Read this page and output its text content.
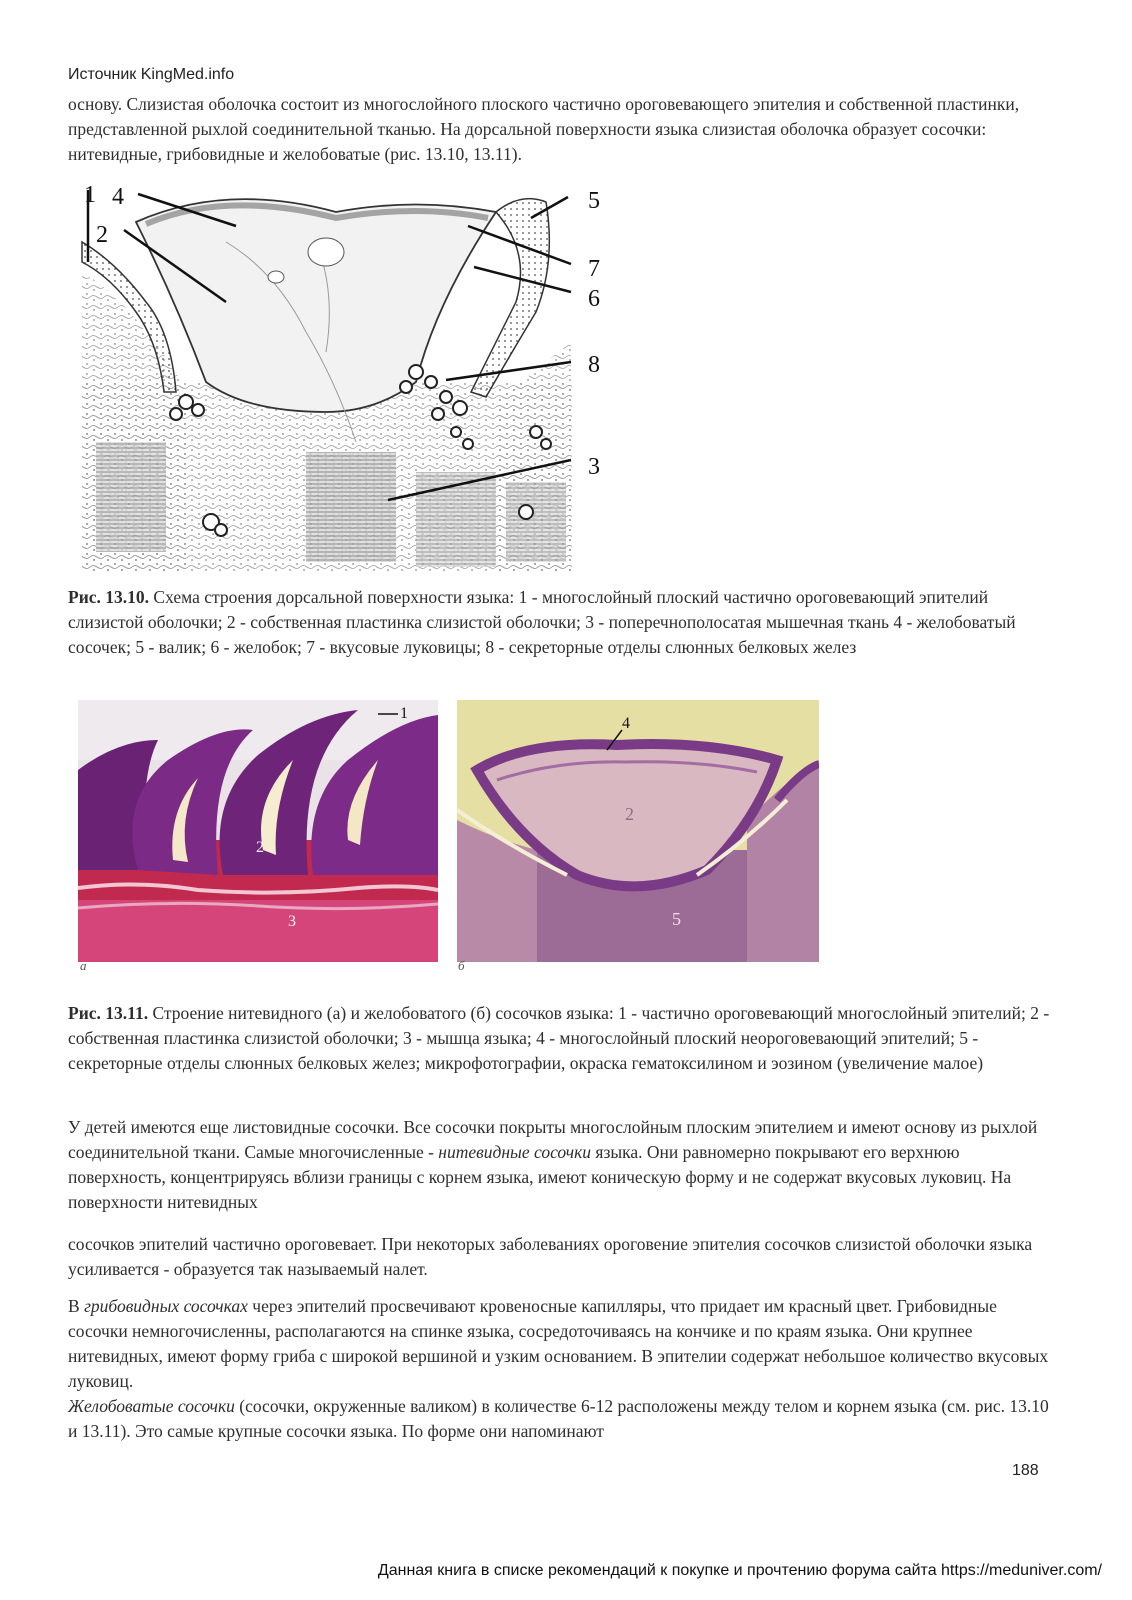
Источник KingMed.info
основу. Слизистая оболочка состоит из многослойного плоского частично ороговевающего эпителия и собственной пластинки, представленной рыхлой соединительной тканью. На дорсальной поверхности языка слизистая оболочка образует сосочки: нитевидные, грибовидные и желобоватые (рис. 13.10, 13.11).
1
2
3
4	5
6
7
8
Рис. 13.10. Схема строения дорсальной поверхности языка: 1 - многослойный плоский частично ороговевающий эпителий слизистой оболочки; 2 - собственная пластинка слизистой оболочки; 3 - поперечнополосатая мышечная ткань 4 - желобоватый сосочек; 5 - валик; 6 - желобок; 7 - вкусовые луковицы; 8 - секреторные отделы слюнных белковых желез
1
2
3
а
4
2
5
б
Рис. 13.11. Строение нитевидного (а) и желобоватого (б) сосочков языка: 1 - частично ороговевающий многослойный эпителий; 2 - собственная пластинка слизистой оболочки; 3 - мышца языка; 4 - многослойный плоский неороговевающий эпителий; 5 - секреторные отделы слюнных белковых желез; микрофотографии, окраска гематоксилином и эозином (увеличение малое)
У детей имеются еще листовидные сосочки. Все сосочки покрыты многослойным плоским эпителием и имеют основу из рыхлой соединительной ткани. Самые многочисленные - нитевидные сосочки языка. Они равномерно покрывают его верхнюю поверхность, концентрируясь вблизи границы с корнем языка, имеют коническую форму и не содержат вкусовых луковиц. На поверхности нитевидных
сосочков эпителий частично ороговевает. При некоторых заболеваниях ороговение эпителия сосочков слизистой оболочки языка усиливается - образуется так называемый налет.
В грибовидных сосочках через эпителий просвечивают кровеносные капилляры, что придает им красный цвет. Грибовидные сосочки немногочисленны, располагаются на спинке языка, сосредоточиваясь на кончике и по краям языка. Они крупнее нитевидных, имеют форму гриба с широкой вершиной и узким основанием. В эпителии содержат небольшое количество вкусовых луковиц.
Желобоватые сосочки (сосочки, окруженные валиком) в количестве 6-12 расположены между телом и корнем языка (см. рис. 13.10 и 13.11). Это самые крупные сосочки языка. По форме они напоминают
188
Данная книга в списке рекомендаций к покупке и прочтению форума сайта https://meduniver.com/
